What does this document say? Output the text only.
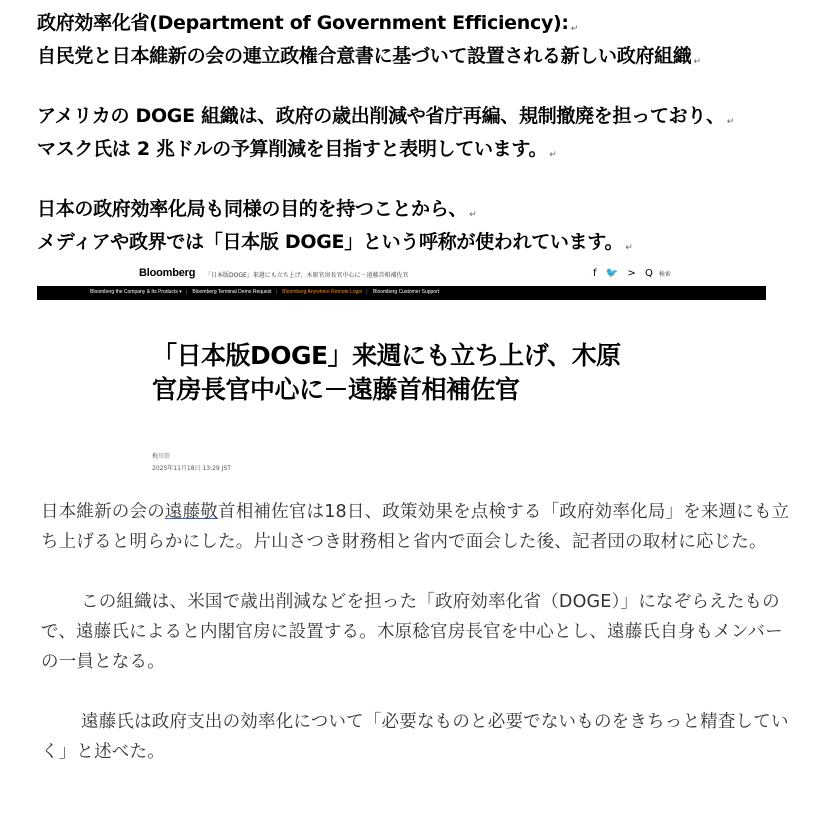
政府効率化省(Department of Government Efficiency): ↵
自民党と日本維新の会の連立政権合意書に基づいて設置される新しい政府組織 ↵
アメリカの DOGE 組織は、政府の歳出削減や省庁再編、規制撤廃を担っており、 ↵
マスク氏は 2 兆ドルの予算削減を目指すと表明しています。 ↵
日本の政府効率化局も同様の目的を持つことから、 ↵
メディアや政界では「日本版 DOGE」という呼称が使われています。 ↵
Bloomberg 「日本版DOGE」来週にも立ち上げ、木原官房長官中心に－遠藤首相補佐官	f 🐦 > Q 検索
Bloomberg the Company & Its Products ▾ | Bloomberg Terminal Demo Request | Bloomberg Anywhere Remote Login | Bloomberg Customer Support
「日本版DOGE」来週にも立ち上げ、木原官房長官中心に－遠藤首相補佐官
梅川崇
2025年11月18日 13:29 JST

日本維新の会の遠藤敬首相補佐官は18日、政策効果を点検する「政府効率化局」を来週にも立ち上げると明らかにした。片山さつき財務相と省内で面会した後、記者団の取材に応じた。

この組織は、米国で歳出削減などを担った「政府効率化省（DOGE）」になぞらえたもので、遠藤氏によると内閣官房に設置する。木原稔官房長官を中心とし、遠藤氏自身もメンバーの一員となる。

遠藤氏は政府支出の効率化について「必要なものと必要でないものをきちっと精査していく」と述べた。
